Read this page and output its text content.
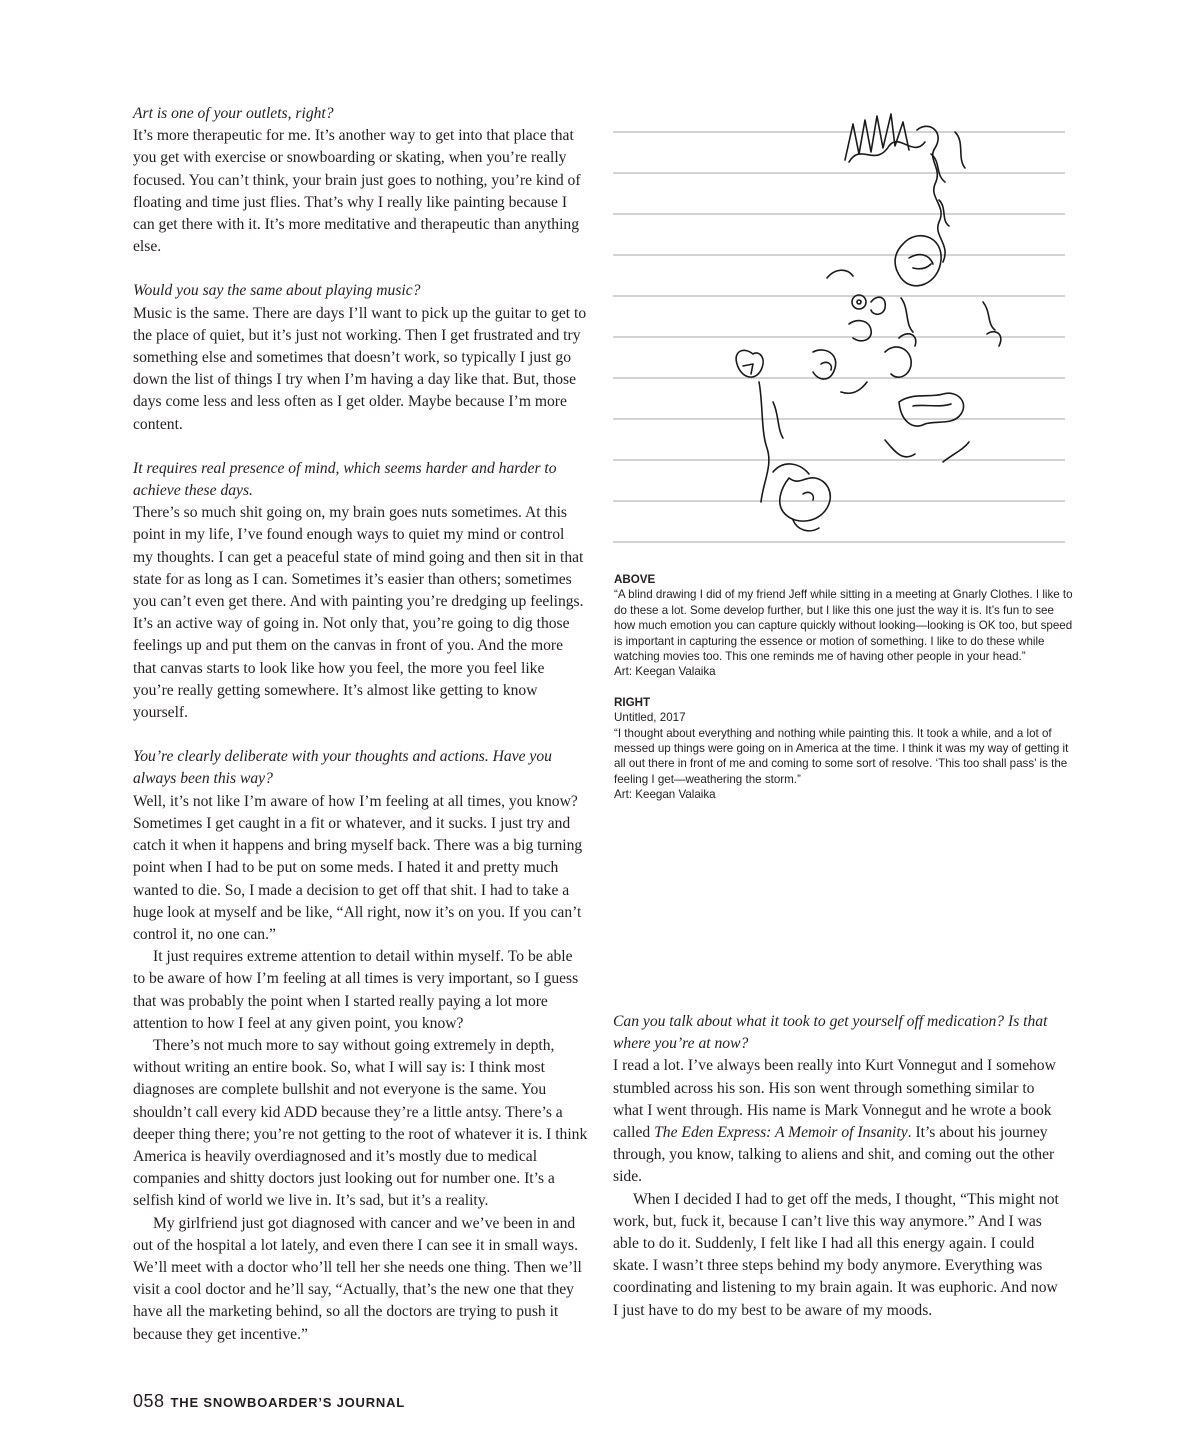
Art is one of your outlets, right?

It’s more therapeutic for me. It’s another way to get into that place that you get with exercise or snowboarding or skating, when you’re really focused. You can’t think, your brain just goes to nothing, you’re kind of floating and time just flies. That’s why I really like painting because I can get there with it. It’s more meditative and therapeutic than anything else.

Would you say the same about playing music?

Music is the same. There are days I’ll want to pick up the guitar to get to the place of quiet, but it’s just not working. Then I get frustrated and try something else and sometimes that doesn’t work, so typically I just go down the list of things I try when I’m having a day like that. But, those days come less and less often as I get older. Maybe because I’m more content.

It requires real presence of mind, which seems harder and harder to achieve these days.

There’s so much shit going on, my brain goes nuts sometimes. At this point in my life, I’ve found enough ways to quiet my mind or control my thoughts. I can get a peaceful state of mind going and then sit in that state for as long as I can. Sometimes it’s easier than others; sometimes you can’t even get there. And with painting you’re dredging up feelings. It’s an active way of going in. Not only that, you’re going to dig those feelings up and put them on the canvas in front of you. And the more that canvas starts to look like how you feel, the more you feel like you’re really getting somewhere. It’s almost like getting to know yourself.

You’re clearly deliberate with your thoughts and actions. Have you always been this way?

Well, it’s not like I’m aware of how I’m feeling at all times, you know? Sometimes I get caught in a fit or whatever, and it sucks. I just try and catch it when it happens and bring myself back. There was a big turning point when I had to be put on some meds. I hated it and pretty much wanted to die. So, I made a decision to get off that shit. I had to take a huge look at myself and be like, “All right, now it’s on you. If you can’t control it, no one can.”

It just requires extreme attention to detail within myself. To be able to be aware of how I’m feeling at all times is very important, so I guess that was probably the point when I started really paying a lot more attention to how I feel at any given point, you know?

There’s not much more to say without going extremely in depth, without writing an entire book. So, what I will say is: I think most diagnoses are complete bullshit and not everyone is the same. You shouldn’t call every kid ADD because they’re a little antsy. There’s a deeper thing there; you’re not getting to the root of whatever it is. I think America is heavily overdiagnosed and it’s mostly due to medical companies and shitty doctors just looking out for number one. It’s a selfish kind of world we live in. It’s sad, but it’s a reality.

My girlfriend just got diagnosed with cancer and we’ve been in and out of the hospital a lot lately, and even there I can see it in small ways. We’ll meet with a doctor who’ll tell her she needs one thing. Then we’ll visit a cool doctor and he’ll say, “Actually, that’s the new one that they have all the marketing behind, so all the doctors are trying to push it because they get incentive.”

ABOVE

“A blind drawing I did of my friend Jeff while sitting in a meeting at Gnarly Clothes. I like to do these a lot. Some develop further, but I like this one just the way it is. It’s fun to see how much emotion you can capture quickly without looking—looking is OK too, but speed is important in capturing the essence or motion of something. I like to do these while watching movies too. This one reminds me of having other people in your head.”

Art: Keegan Valaika

RIGHT

Untitled, 2017

“I thought about everything and nothing while painting this. It took a while, and a lot of messed up things were going on in America at the time. I think it was my way of getting it all out there in front of me and coming to some sort of resolve. ‘This too shall pass’ is the feeling I get—weathering the storm.”

Art: Keegan Valaika

Can you talk about what it took to get yourself off medication? Is that where you’re at now?

I read a lot. I’ve always been really into Kurt Vonnegut and I somehow stumbled across his son. His son went through something similar to what I went through. His name is Mark Vonnegut and he wrote a book called The Eden Express: A Memoir of Insanity. It’s about his journey through, you know, talking to aliens and shit, and coming out the other side.

When I decided I had to get off the meds, I thought, “This might not work, but, fuck it, because I can’t live this way anymore.” And I was able to do it. Suddenly, I felt like I had all this energy again. I could skate. I wasn’t three steps behind my body anymore. Everything was coordinating and listening to my brain again. It was euphoric. And now I just have to do my best to be aware of my moods.

058 THE SNOWBOARDER’S JOURNAL
